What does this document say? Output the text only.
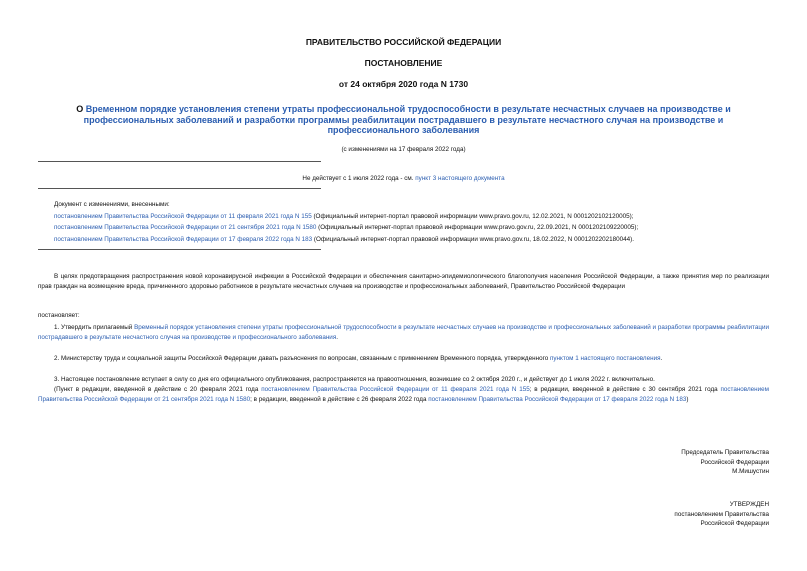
ПРАВИТЕЛЬСТВО РОССИЙСКОЙ ФЕДЕРАЦИИ
ПОСТАНОВЛЕНИЕ
от 24 октября 2020 года N 1730
О Временном порядке установления степени утраты профессиональной трудоспособности в результате несчастных случаев на производстве и профессиональных заболеваний и разработки программы реабилитации пострадавшего в результате несчастного случая на производстве и профессионального заболевания
(с изменениями на 17 февраля 2022 года)
Не действует с 1 июля 2022 года - см. пункт 3 настоящего документа
Документ с изменениями, внесенными:
постановлением Правительства Российской Федерации от 11 февраля 2021 года N 155 (Официальный интернет-портал правовой информации www.pravo.gov.ru, 12.02.2021, N 0001202102120005);
постановлением Правительства Российской Федерации от 21 сентября 2021 года N 1580 (Официальный интернет-портал правовой информации www.pravo.gov.ru, 22.09.2021, N 0001202109220005);
постановлением Правительства Российской Федерации от 17 февраля 2022 года N 183 (Официальный интернет-портал правовой информации www.pravo.gov.ru, 18.02.2022, N 0001202202180044).
В целях предотвращения распространения новой коронавирусной инфекции в Российской Федерации и обеспечения санитарно-эпидемиологического благополучия населения Российской Федерации, а также принятия мер по реализации прав граждан на возмещение вреда, причиненного здоровью работников в результате несчастных случаев на производстве и профессиональных заболеваний, Правительство Российской Федерации
постановляет:
1. Утвердить прилагаемый Временный порядок установления степени утраты профессиональной трудоспособности в результате несчастных случаев на производстве и профессиональных заболеваний и разработки программы реабилитации пострадавшего в результате несчастного случая на производстве и профессионального заболевания.
2. Министерству труда и социальной защиты Российской Федерации давать разъяснения по вопросам, связанным с применением Временного порядка, утвержденного пунктом 1 настоящего постановления.
3. Настоящее постановление вступает в силу со дня его официального опубликования, распространяется на правоотношения, возникшие со 2 октября 2020 г., и действует до 1 июля 2022 г. включительно.
(Пункт в редакции, введенной в действие с 20 февраля 2021 года постановлением Правительства Российской Федерации от 11 февраля 2021 года N 155; в редакции, введенной в действие с 30 сентября 2021 года постановлением Правительства Российской Федерации от 21 сентября 2021 года N 1580; в редакции, введенной в действие с 26 февраля 2022 года постановлением Правительства Российской Федерации от 17 февраля 2022 года N 183)
Председатель Правительства
Российской Федерации
М.Мишустин
УТВЕРЖДЕН
постановлением Правительства
Российской Федерации
